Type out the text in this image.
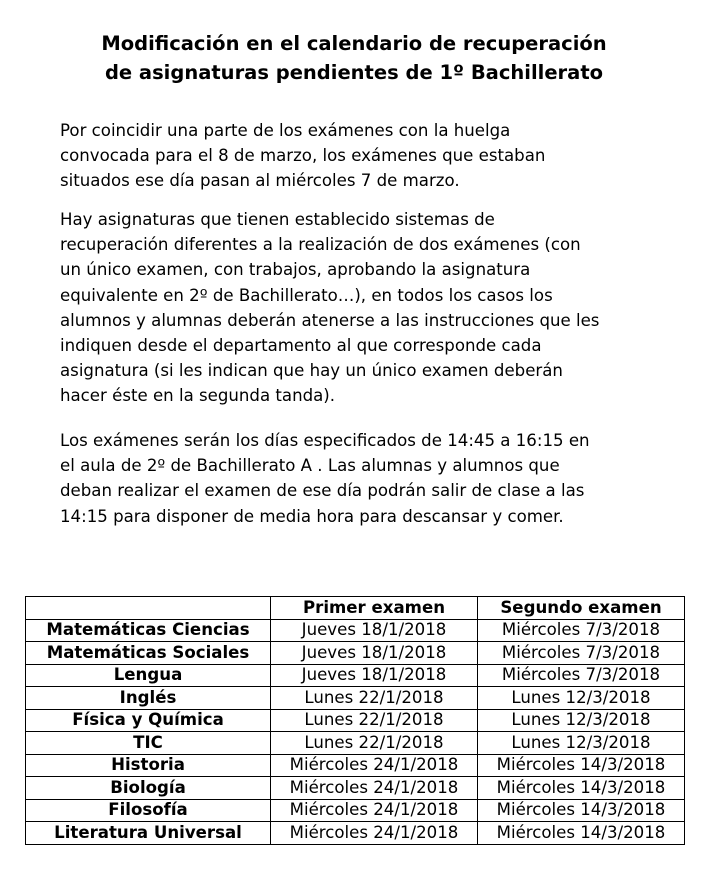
Modificación en el calendario de recuperación
de asignaturas pendientes de 1º Bachillerato
Por coincidir una parte de los exámenes con la huelga
convocada para el 8 de marzo, los exámenes que estaban
situados ese día pasan al miércoles 7 de marzo.
Hay asignaturas que tienen establecido sistemas de
recuperación diferentes a la realización de dos exámenes (con
un único examen, con trabajos, aprobando la asignatura
equivalente en 2º de Bachillerato…), en todos los casos los
alumnos y alumnas deberán atenerse a las instrucciones que les
indiquen desde el departamento al que corresponde cada
asignatura (si les indican que hay un único examen deberán
hacer éste en la segunda tanda).
Los exámenes serán los días especificados de 14:45 a 16:15 en
el aula de 2º de Bachillerato A . Las alumnas y alumnos que
deban realizar el examen de ese día podrán salir de clase a las
14:15 para disponer de media hora para descansar y comer.
	Primer examen	Segundo examen
Matemáticas Ciencias	Jueves 18/1/2018	Miércoles 7/3/2018
Matemáticas Sociales	Jueves 18/1/2018	Miércoles 7/3/2018
Lengua	Jueves 18/1/2018	Miércoles 7/3/2018
Inglés	Lunes 22/1/2018	Lunes 12/3/2018
Física y Química	Lunes 22/1/2018	Lunes 12/3/2018
TIC	Lunes 22/1/2018	Lunes 12/3/2018
Historia	Miércoles 24/1/2018	Miércoles 14/3/2018
Biología	Miércoles 24/1/2018	Miércoles 14/3/2018
Filosofía	Miércoles 24/1/2018	Miércoles 14/3/2018
Literatura Universal	Miércoles 24/1/2018	Miércoles 14/3/2018
